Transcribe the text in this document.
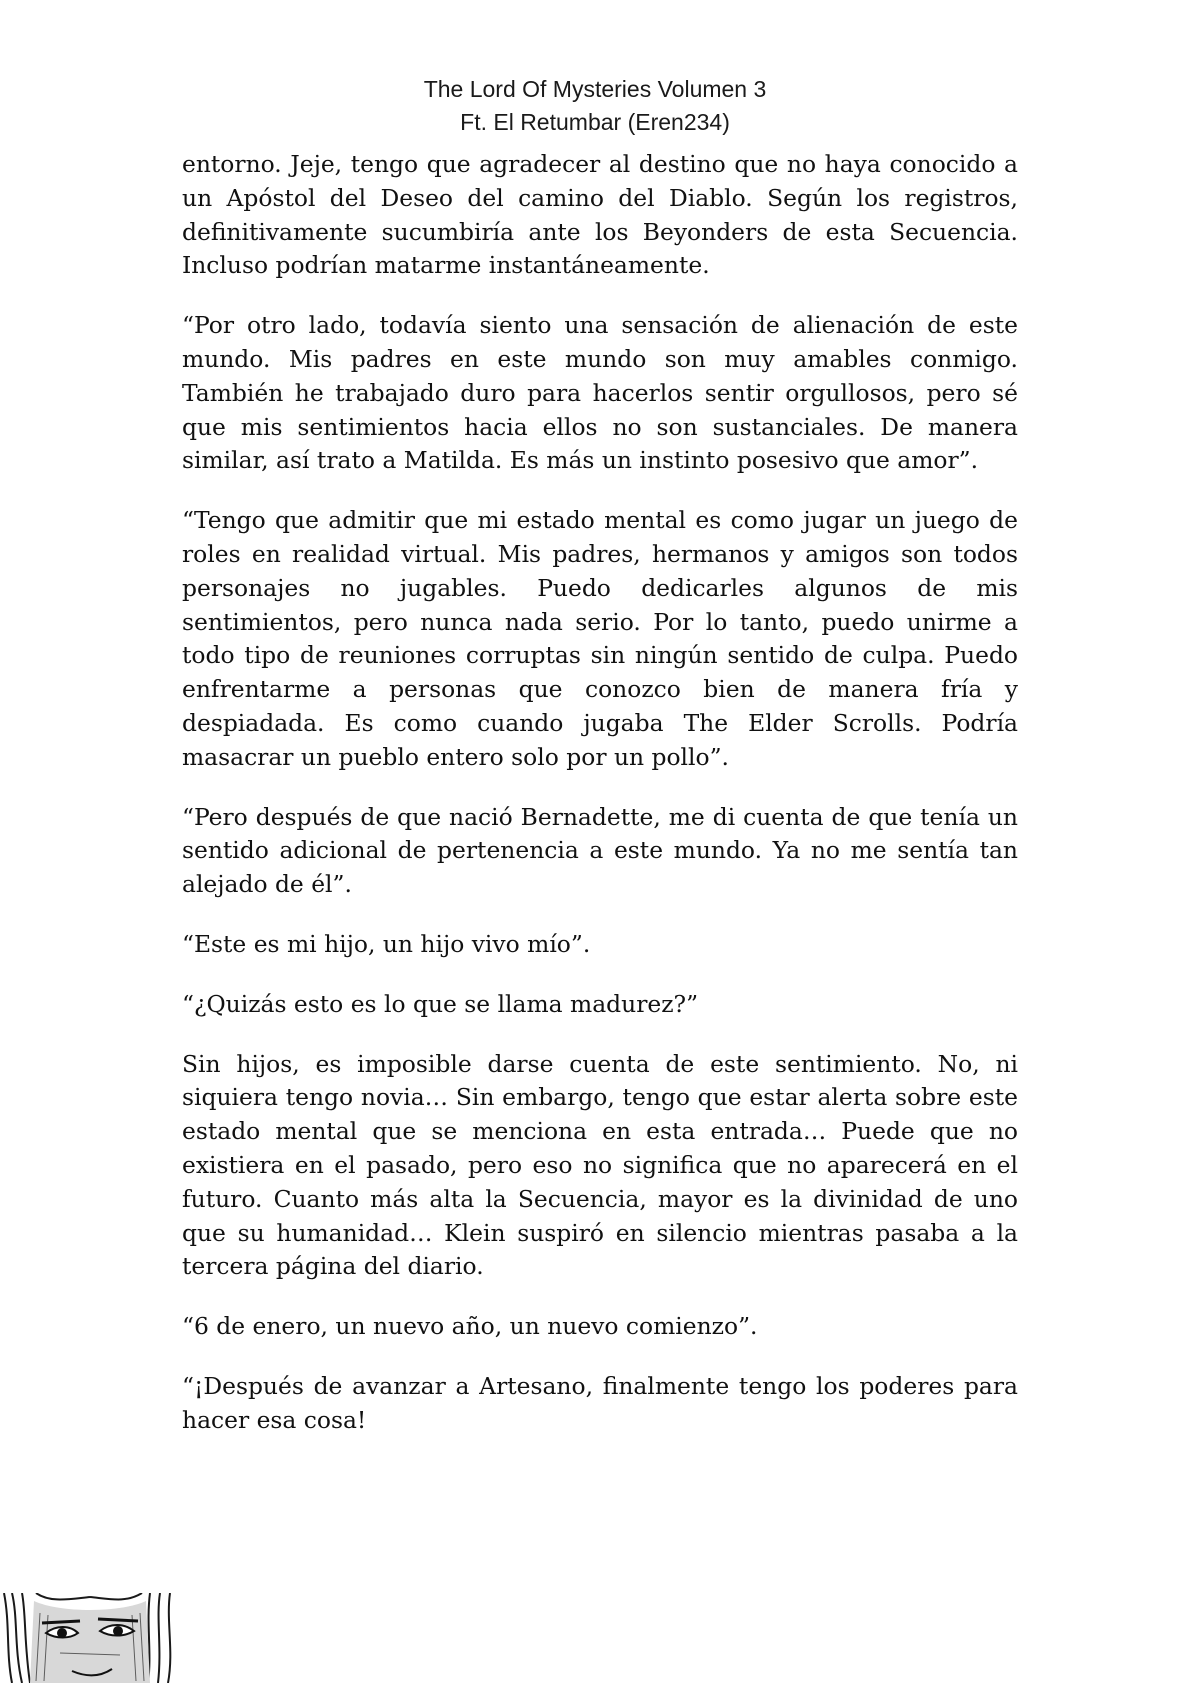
The Lord Of Mysteries Volumen 3
Ft. El Retumbar (Eren234)

entorno. Jeje, tengo que agradecer al destino que no haya conocido a un Apóstol del Deseo del camino del Diablo. Según los registros, definitivamente sucumbiría ante los Beyonders de esta Secuencia. Incluso podrían matarme instantáneamente.

“Por otro lado, todavía siento una sensación de alienación de este mundo. Mis padres en este mundo son muy amables conmigo. También he trabajado duro para hacerlos sentir orgullosos, pero sé que mis sentimientos hacia ellos no son sustanciales. De manera similar, así trato a Matilda. Es más un instinto posesivo que amor”.

“Tengo que admitir que mi estado mental es como jugar un juego de roles en realidad virtual. Mis padres, hermanos y amigos son todos personajes no jugables. Puedo dedicarles algunos de mis sentimientos, pero nunca nada serio. Por lo tanto, puedo unirme a todo tipo de reuniones corruptas sin ningún sentido de culpa. Puedo enfrentarme a personas que conozco bien de manera fría y despiadada. Es como cuando jugaba The Elder Scrolls. Podría masacrar un pueblo entero solo por un pollo”.

“Pero después de que nació Bernadette, me di cuenta de que tenía un sentido adicional de pertenencia a este mundo. Ya no me sentía tan alejado de él”.

“Este es mi hijo, un hijo vivo mío”.

“¿Quizás esto es lo que se llama madurez?”

Sin hijos, es imposible darse cuenta de este sentimiento. No, ni siquiera tengo novia… Sin embargo, tengo que estar alerta sobre este estado mental que se menciona en esta entrada… Puede que no existiera en el pasado, pero eso no significa que no aparecerá en el futuro. Cuanto más alta la Secuencia, mayor es la divinidad de uno que su humanidad… Klein suspiró en silencio mientras pasaba a la tercera página del diario.

“6 de enero, un nuevo año, un nuevo comienzo”.

“¡Después de avanzar a Artesano, finalmente tengo los poderes para hacer esa cosa!
